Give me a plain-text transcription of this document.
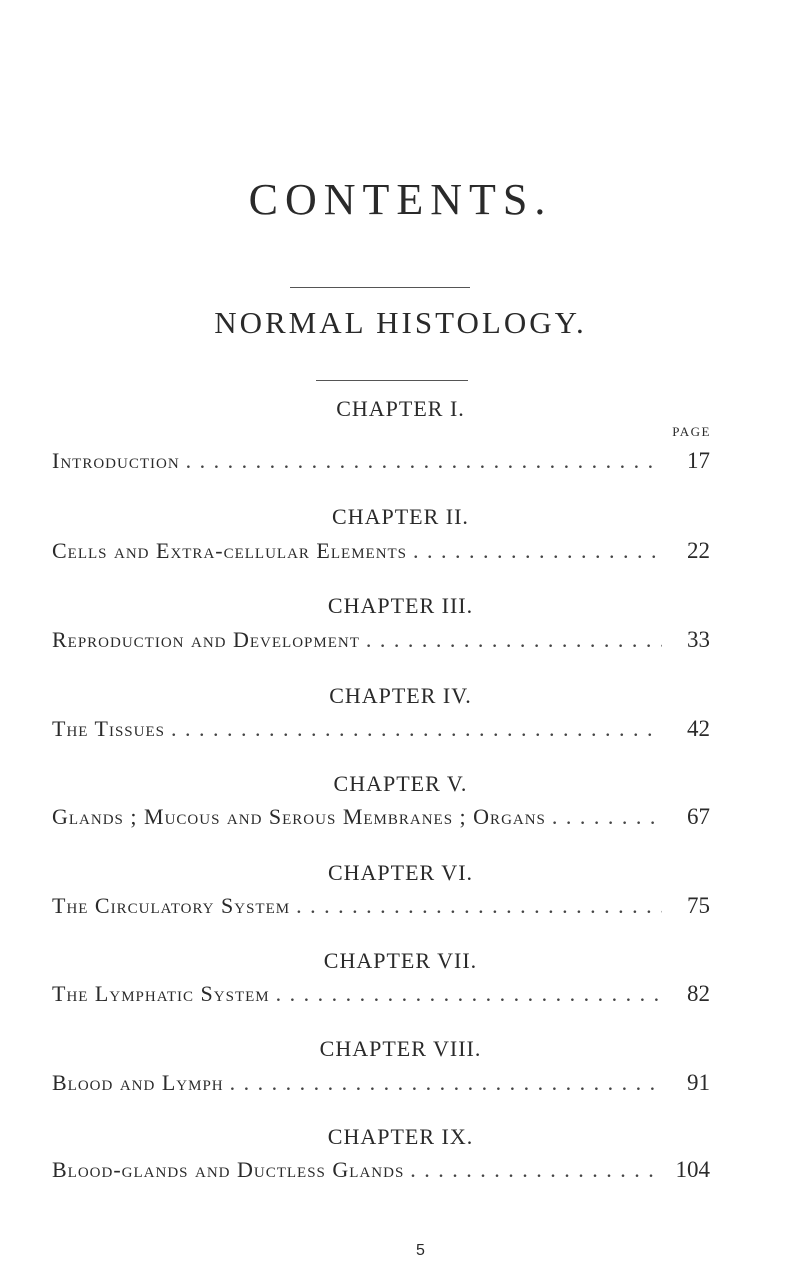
CONTENTS.
NORMAL HISTOLOGY.
PAGE
CHAPTER I.
Introduction . . .	17
CHAPTER II.
Cells and Extra-cellular Elements . . .	22
CHAPTER III.
Reproduction and Development . . .	33
CHAPTER IV.
The Tissues . . .	42
CHAPTER V.
Glands ; Mucous and Serous Membranes ; Organs . . .	67
CHAPTER VI.
The Circulatory System . . .	75
CHAPTER VII.
The Lymphatic System . . .	82
CHAPTER VIII.
Blood and Lymph . . .	91
CHAPTER IX.
Blood-glands and Ductless Glands . . .	104
5
